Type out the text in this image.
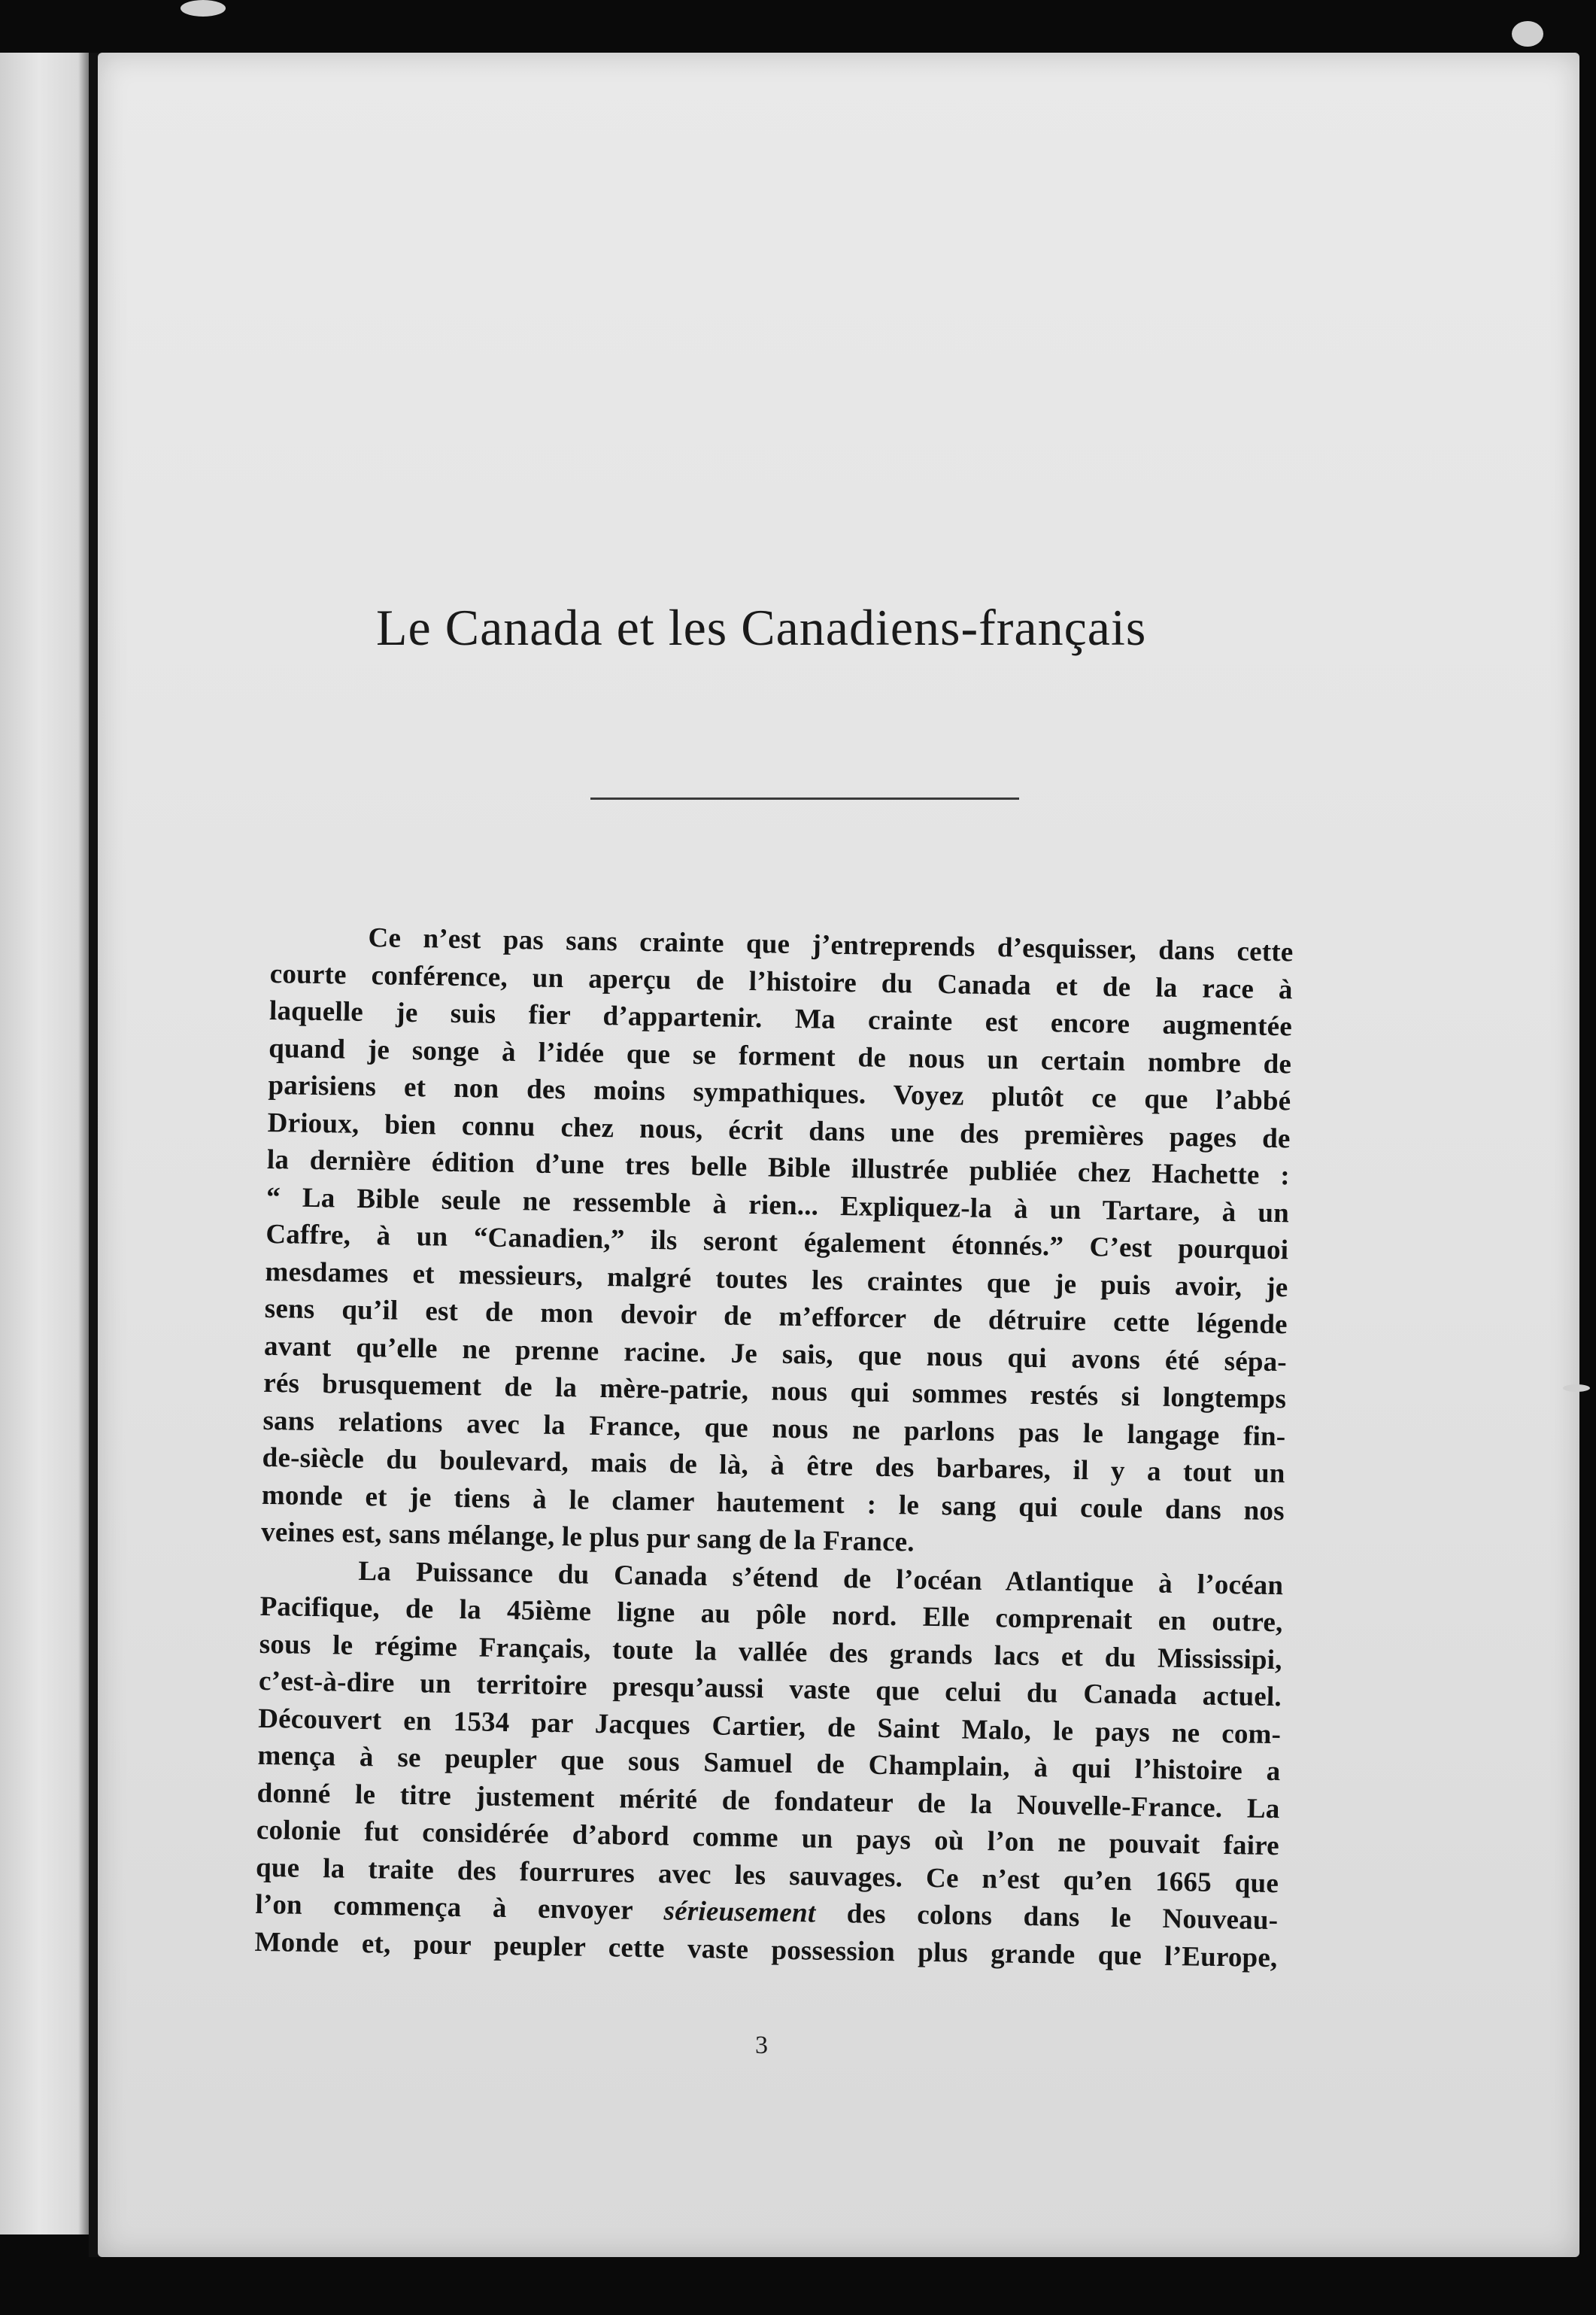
Le Canada et les Canadiens-français
Ce n’est pas sans crainte que j’entreprends d’esquisser, dans cette
courte conférence, un aperçu de l’histoire du Canada et de la race à
laquelle je suis fier d’appartenir. Ma crainte est encore augmentée
quand je songe à l’idée que se forment de nous un certain nombre de
parisiens et non des moins sympathiques. Voyez plutôt ce que l’abbé
Drioux, bien connu chez nous, écrit dans une des premières pages de
la dernière édition d’une tres belle Bible illustrée publiée chez Hachette :
“ La Bible seule ne ressemble à rien... Expliquez-la à un Tartare, à un
Caffre, à un “Canadien,” ils seront également étonnés.” C’est pourquoi
mesdames et messieurs, malgré toutes les craintes que je puis avoir, je
sens qu’il est de mon devoir de m’efforcer de détruire cette légende
avant qu’elle ne prenne racine. Je sais, que nous qui avons été sépa-
rés brusquement de la mère-patrie, nous qui sommes restés si longtemps
sans relations avec la France, que nous ne parlons pas le langage fin-
de-siècle du boulevard, mais de là, à être des barbares, il y a tout un
monde et je tiens à le clamer hautement : le sang qui coule dans nos
veines est, sans mélange, le plus pur sang de la France.
La Puissance du Canada s’étend de l’océan Atlantique à l’océan
Pacifique, de la 45ième ligne au pôle nord. Elle comprenait en outre,
sous le régime Français, toute la vallée des grands lacs et du Mississipi,
c’est-à-dire un territoire presqu’aussi vaste que celui du Canada actuel.
Découvert en 1534 par Jacques Cartier, de Saint Malo, le pays ne com-
mença à se peupler que sous Samuel de Champlain, à qui l’histoire a
donné le titre justement mérité de fondateur de la Nouvelle-France. La
colonie fut considérée d’abord comme un pays où l’on ne pouvait faire
que la traite des fourrures avec les sauvages. Ce n’est qu’en 1665 que
l’on commença à envoyer sérieusement des colons dans le Nouveau-
Monde et, pour peupler cette vaste possession plus grande que l’Europe,
3
